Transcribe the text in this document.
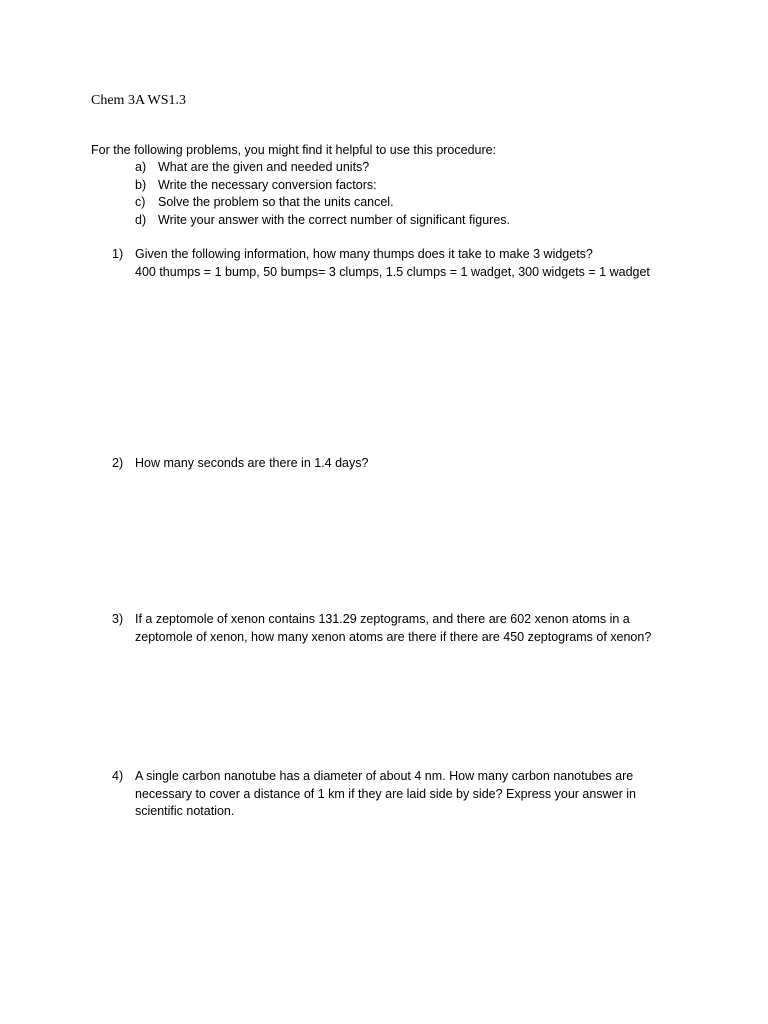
Chem 3A WS1.3
For the following problems, you might find it helpful to use this procedure:
a) What are the given and needed units?
b) Write the necessary conversion factors:
c)	Solve the problem so that the units cancel.
d) Write your answer with the correct number of significant figures.
1) Given the following information, how many thumps does it take to make 3 widgets?
400 thumps = 1 bump, 50 bumps= 3 clumps, 1.5 clumps = 1 wadget, 300 widgets = 1 wadget
2) How many seconds are there in 1.4 days?
3) If a zeptomole of xenon contains 131.29 zeptograms, and there are 602 xenon atoms in a
zeptomole of xenon, how many xenon atoms are there if there are 450 zeptograms of xenon?
4) A single carbon nanotube has a diameter of about 4 nm. How many carbon nanotubes are
necessary to cover a distance of 1 km if they are laid side by side? Express your answer in
scientific notation.
